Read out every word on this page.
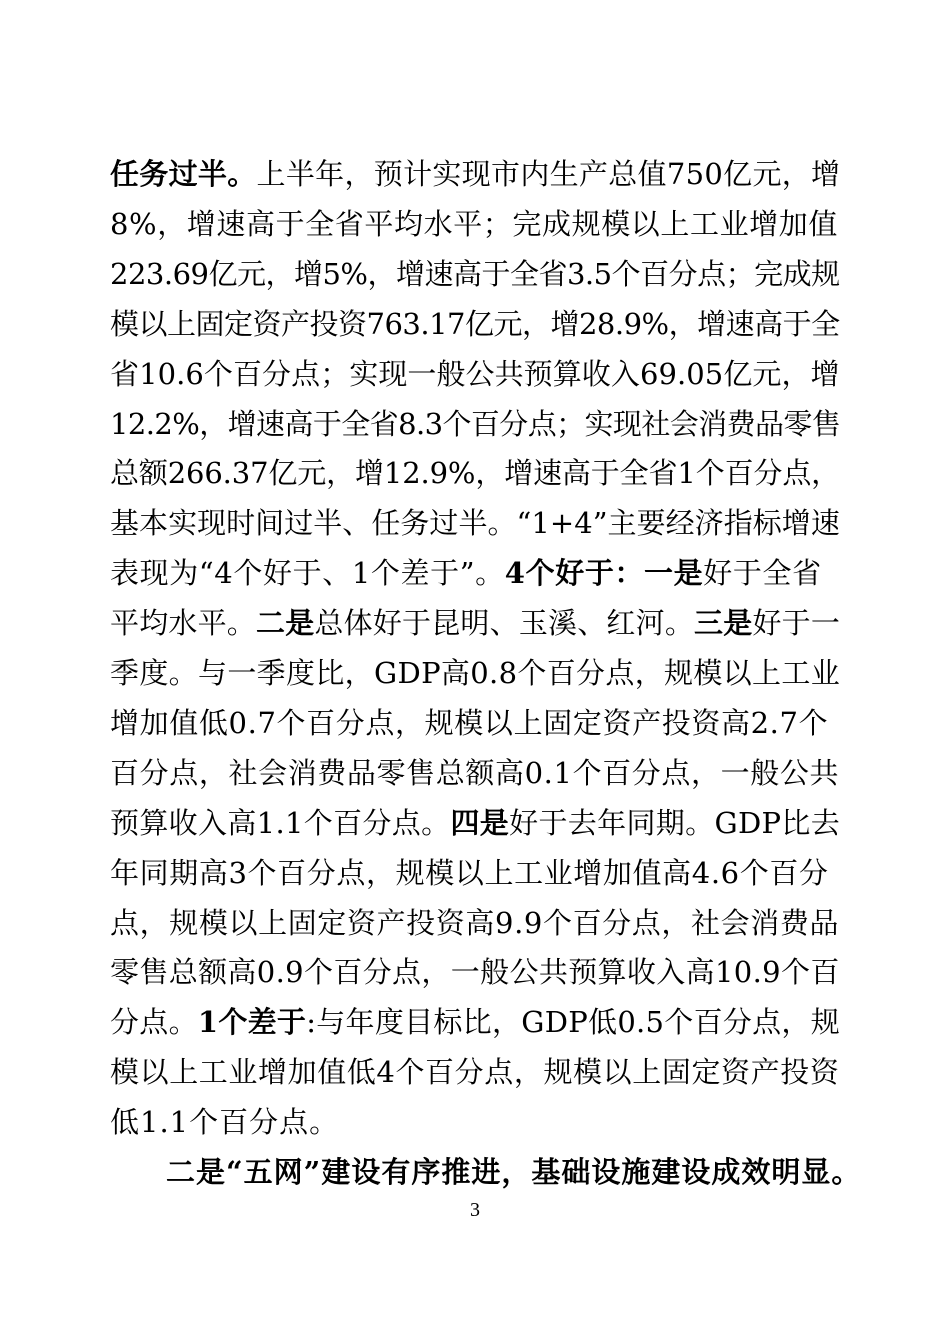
任务过半。上半年，预计实现市内生产总值750亿元，增
8%，增速高于全省平均水平；完成规模以上工业增加值
223.69亿元，增5%，增速高于全省3.5个百分点；完成规
模以上固定资产投资763.17亿元，增28.9%，增速高于全
省10.6个百分点；实现一般公共预算收入69.05亿元，增
12.2%，增速高于全省8.3个百分点；实现社会消费品零售
总额266.37亿元，增12.9%，增速高于全省1个百分点，
基本实现时间过半、任务过半。“1+4”主要经济指标增速
表现为“4个好于、1个差于”。4个好于：一是好于全省
平均水平。二是总体好于昆明、玉溪、红河。三是好于一
季度。与一季度比，GDP高0.8个百分点，规模以上工业
增加值低0.7个百分点，规模以上固定资产投资高2.7个
百分点，社会消费品零售总额高0.1个百分点，一般公共
预算收入高1.1个百分点。四是好于去年同期。GDP比去
年同期高3个百分点，规模以上工业增加值高4.6个百分
点，规模以上固定资产投资高9.9个百分点，社会消费品
零售总额高0.9个百分点，一般公共预算收入高10.9个百
分点。1个差于:与年度目标比，GDP低0.5个百分点，规
模以上工业增加值低4个百分点，规模以上固定资产投资
低1.1个百分点。
二是“五网”建设有序推进，基础设施建设成效明显。
3
